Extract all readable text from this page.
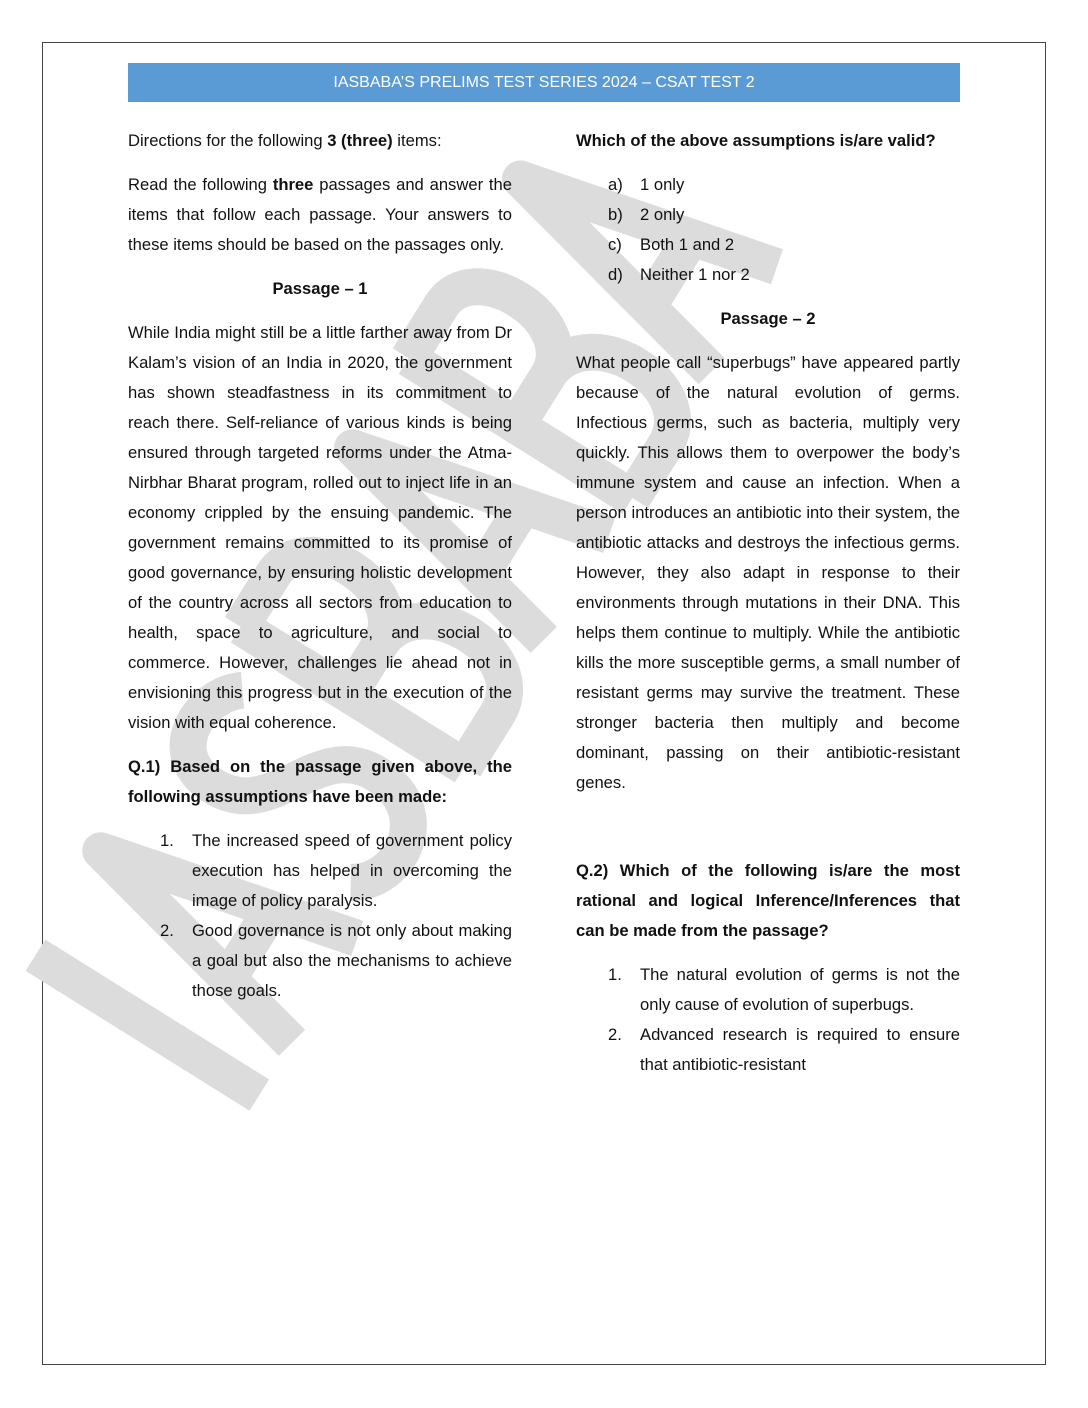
IASBABA’S PRELIMS TEST SERIES 2024 – CSAT TEST 2

Directions for the following 3 (three) items:

Read the following three passages and answer the items that follow each passage. Your answers to these items should be based on the passages only.

Passage – 1

While India might still be a little farther away from Dr Kalam’s vision of an India in 2020, the government has shown steadfastness in its commitment to reach there. Self-reliance of various kinds is being ensured through targeted reforms under the Atma-Nirbhar Bharat program, rolled out to inject life in an economy crippled by the ensuing pandemic. The government remains committed to its promise of good governance, by ensuring holistic development of the country across all sectors from education to health, space to agriculture, and social to commerce. However, challenges lie ahead not in envisioning this progress but in the execution of the vision with equal coherence.

Q.1) Based on the passage given above, the following assumptions have been made:

1. The increased speed of government policy execution has helped in overcoming the image of policy paralysis.
2. Good governance is not only about making a goal but also the mechanisms to achieve those goals.

Which of the above assumptions is/are valid?

a) 1 only
b) 2 only
c) Both 1 and 2
d) Neither 1 nor 2

Passage – 2

What people call “superbugs” have appeared partly because of the natural evolution of germs. Infectious germs, such as bacteria, multiply very quickly. This allows them to overpower the body’s immune system and cause an infection. When a person introduces an antibiotic into their system, the antibiotic attacks and destroys the infectious germs. However, they also adapt in response to their environments through mutations in their DNA. This helps them continue to multiply. While the antibiotic kills the more susceptible germs, a small number of resistant germs may survive the treatment. These stronger bacteria then multiply and become dominant, passing on their antibiotic-resistant genes.

Q.2) Which of the following is/are the most rational and logical Inference/Inferences that can be made from the passage?

1. The natural evolution of germs is not the only cause of evolution of superbugs.
2. Advanced research is required to ensure that antibiotic-resistant
